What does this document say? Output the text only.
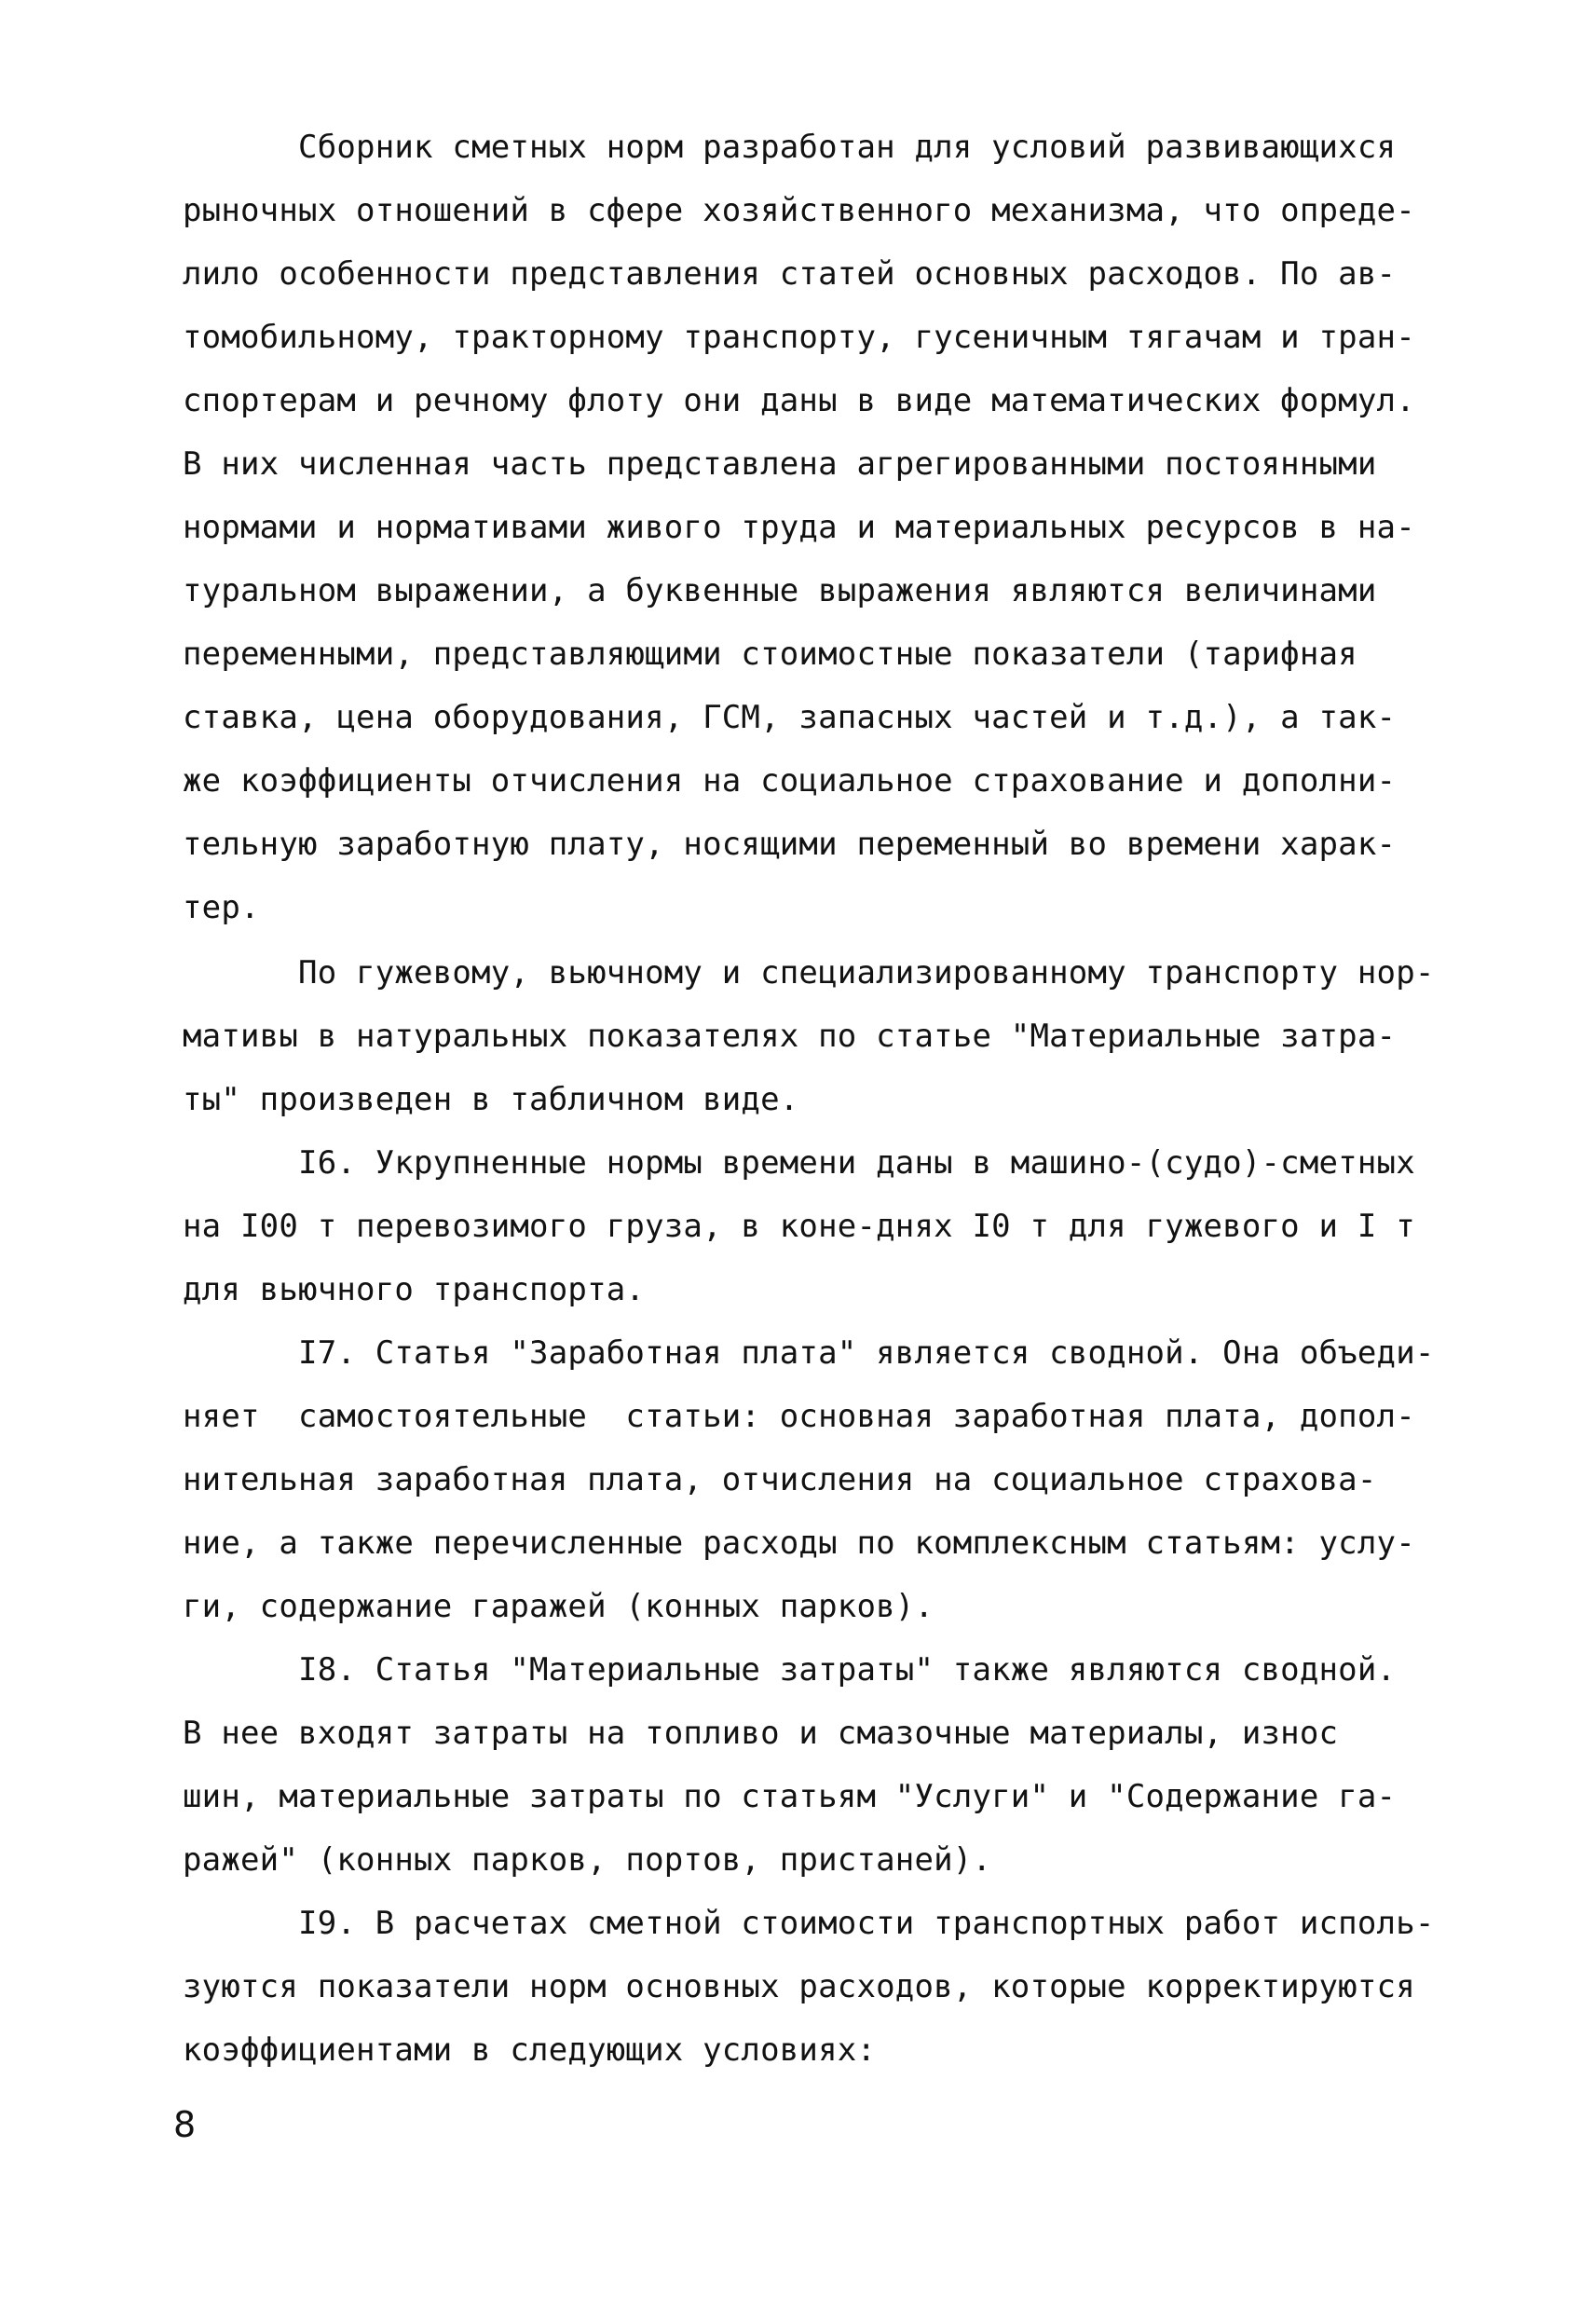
Сборник сметных норм разработан для условий развивающихся
рыночных отношений в сфере хозяйственного механизма, что опреде-
лило особенности представления статей основных расходов. По ав-
томобильному, тракторному транспорту, гусеничным тягачам и тран-
спортерам и речному флоту они даны в виде математических формул.
В них численная часть представлена агрегированными постоянными
нормами и нормативами живого труда и материальных ресурсов в на-
туральном выражении, а буквенные выражения являются величинами
переменными, представляющими стоимостные показатели (тарифная
ставка, цена оборудования, ГСМ, запасных частей и т.д.), а так-
же коэффициенты отчисления на социальное страхование и дополни-
тельную заработную плату, носящими переменный во времени харак-
тер.
По гужевому, вьючному и специализированному транспорту нор-
мативы в натуральных показателях по статье "Материальные затра-
ты" произведен в табличном виде.
I6. Укрупненные нормы времени даны в машино-(судо)-сметных
на I00 т перевозимого груза, в коне-днях I0 т для гужевого и I т
для вьючного транспорта.
I7. Статья "Заработная плата" является сводной. Она объеди-
няет  самостоятельные  статьи: основная заработная плата, допол-
нительная заработная плата, отчисления на социальное страхова-
ние, а также перечисленные расходы по комплексным статьям: услу-
ги, содержание гаражей (конных парков).
I8. Статья "Материальные затраты" также являются сводной.
В нее входят затраты на топливо и смазочные материалы, износ
шин, материальные затраты по статьям "Услуги" и "Содержание га-
ражей" (конных парков, портов, пристаней).
I9. В расчетах сметной стоимости транспортных работ исполь-
зуются показатели норм основных расходов, которые корректируются
коэффициентами в следующих условиях:
8
